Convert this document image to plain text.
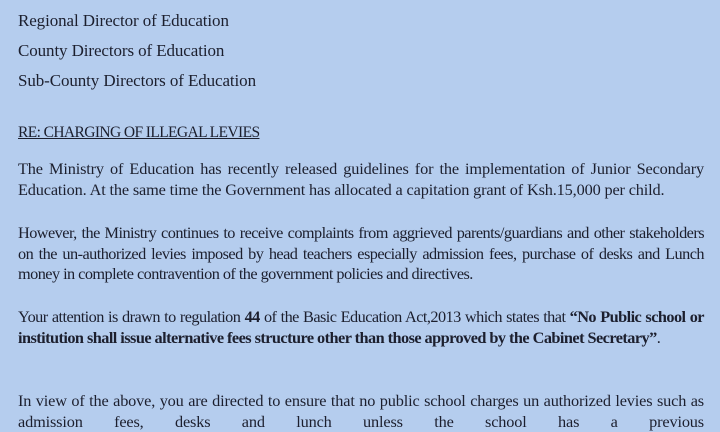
Regional Director of Education
County Directors of Education
Sub-County Directors of Education
RE: CHARGING OF ILLEGAL LEVIES

The Ministry of Education has recently released guidelines for the implementation of Junior Secondary Education. At the same time the Government has allocated a capitation grant of Ksh.15,000 per child.

However, the Ministry continues to receive complaints from aggrieved parents/guardians and other stakeholders on the un-authorized levies imposed by head teachers especially admission fees, purchase of desks and Lunch money in complete contravention of the government policies and directives.

Your attention is drawn to regulation 44 of the Basic Education Act,2013 which states that “No Public school or institution shall issue alternative fees structure other than those approved by the Cabinet Secretary”.

In view of the above, you are directed to ensure that no public school charges un authorized levies such as admission fees, desks and lunch unless the school has a previous
